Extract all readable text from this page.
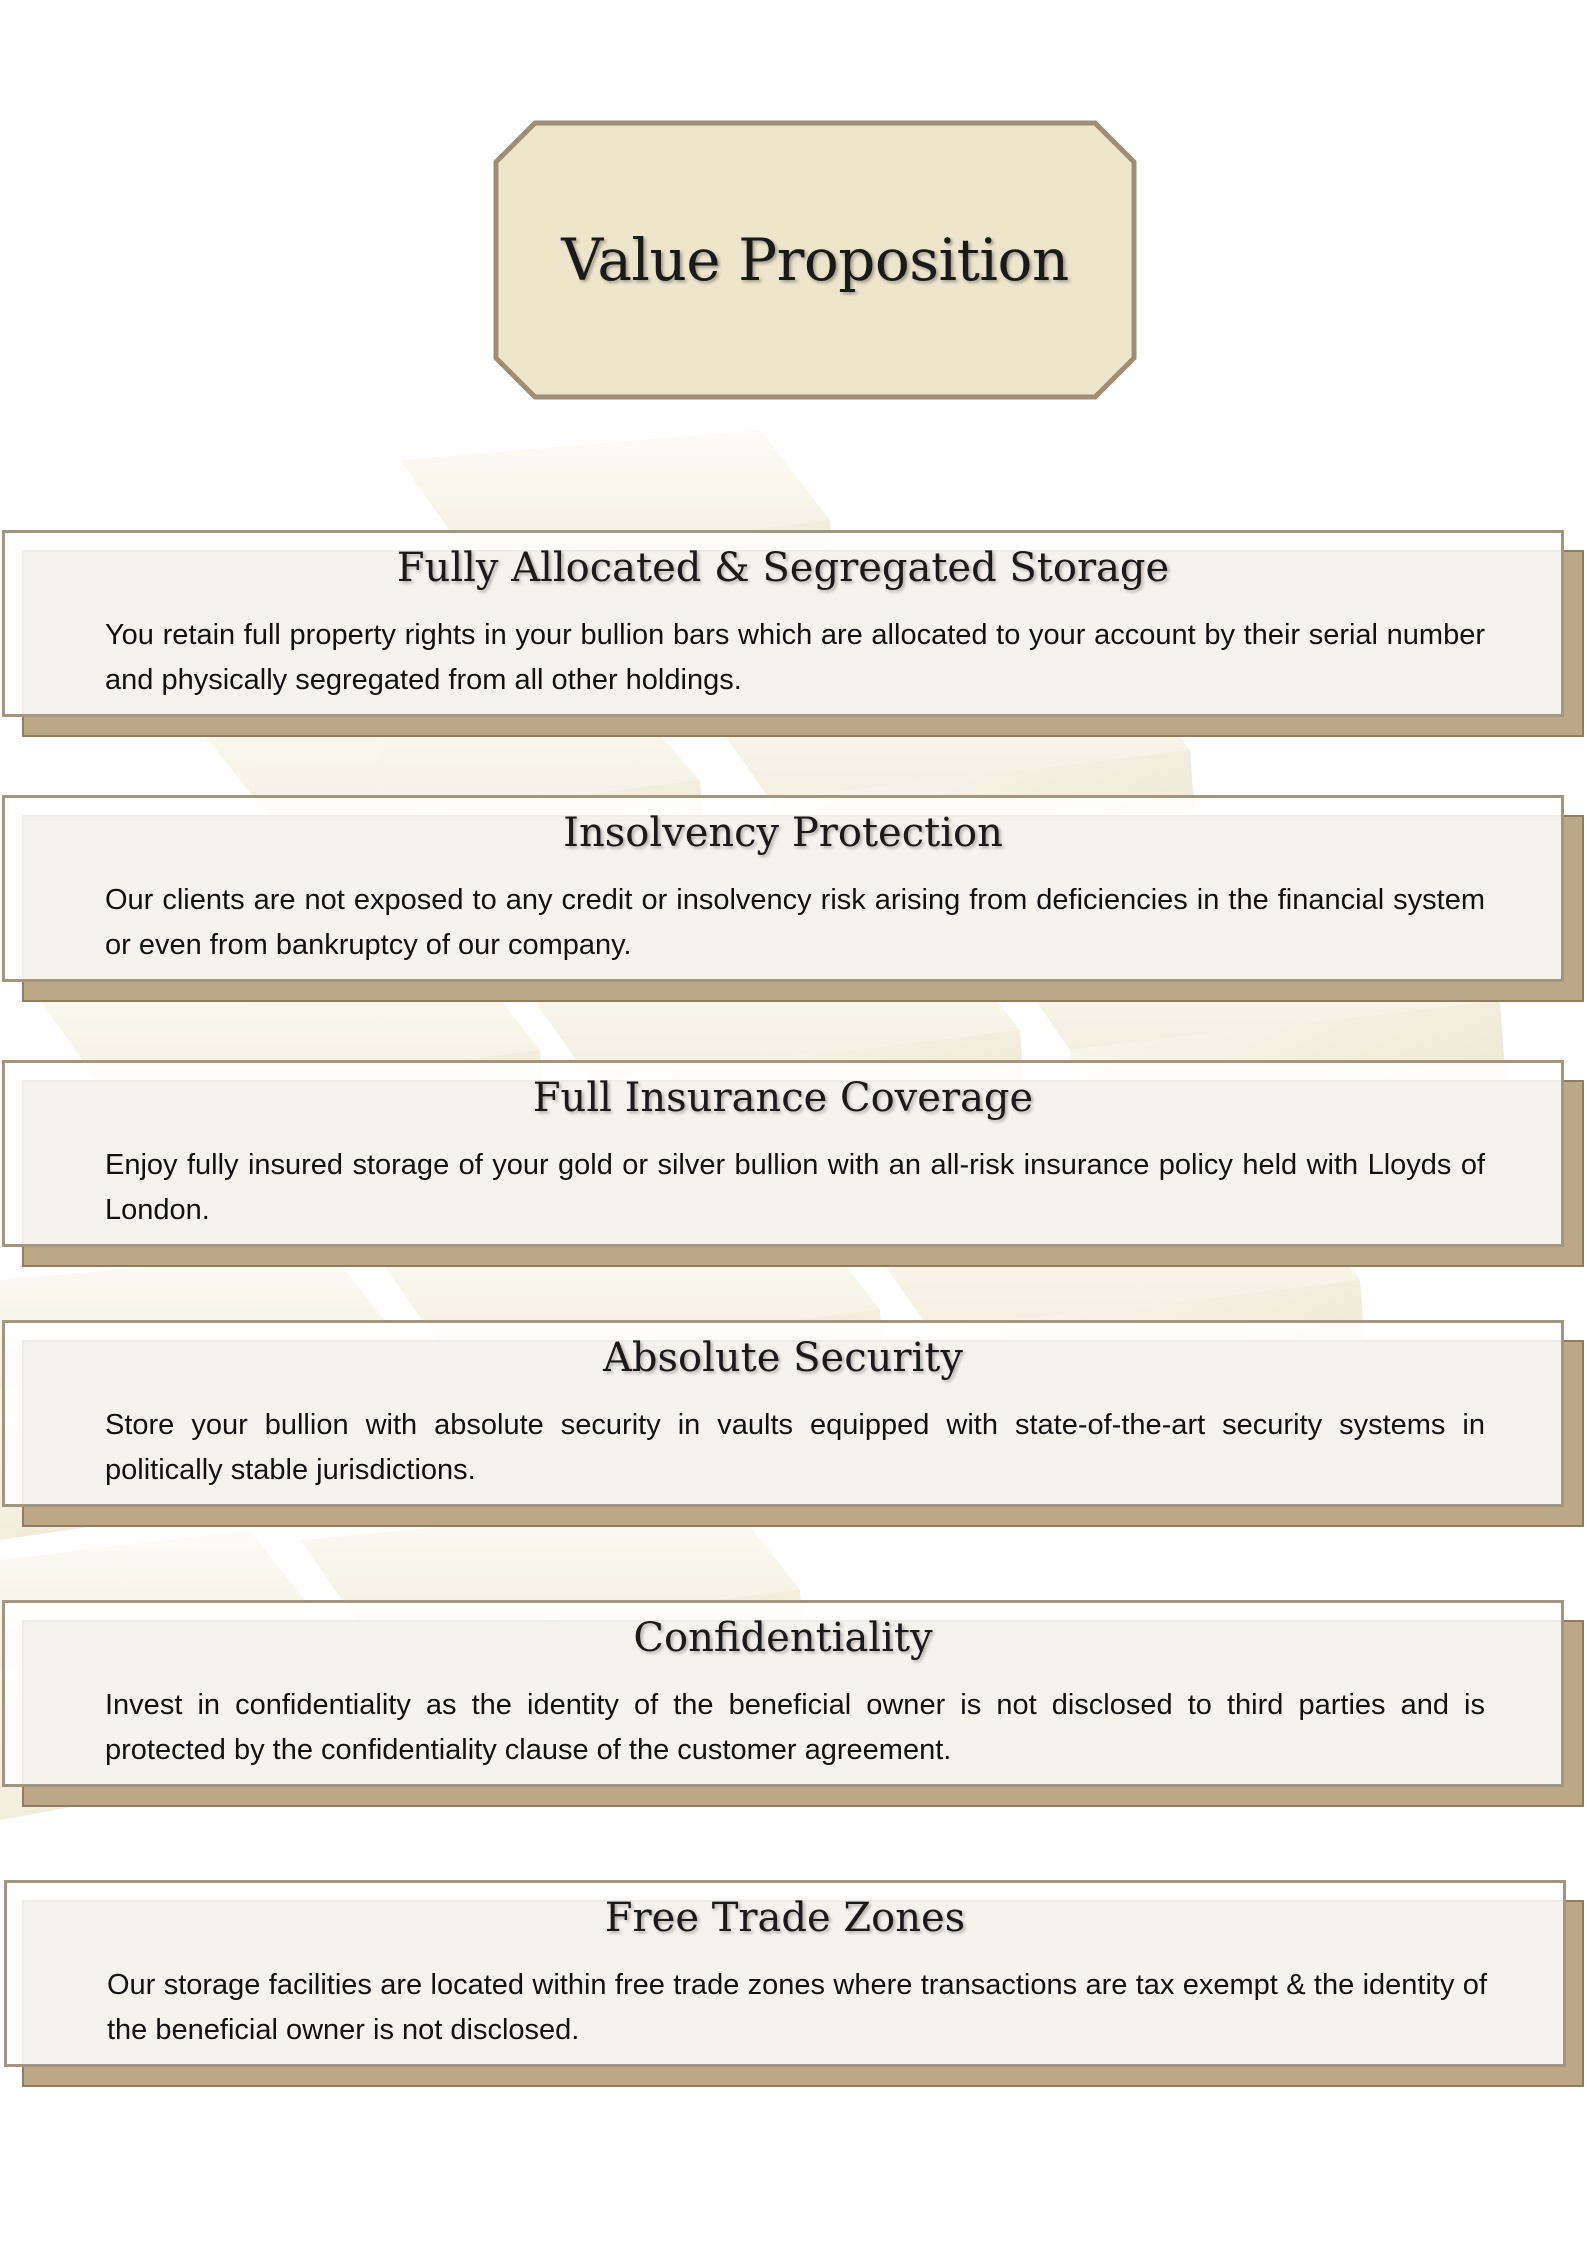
Value Proposition
Fully Allocated & Segregated Storage
You retain full property rights in your bullion bars which are allocated to your account by their serial number and physically segregated from all other holdings.
Insolvency Protection
Our clients are not exposed to any credit or insolvency risk arising from deficiencies in the financial system or even from bankruptcy of our company.
Full Insurance Coverage
Enjoy fully insured storage of your gold or silver bullion with an all-risk insurance policy held with Lloyds of London.
Absolute Security
Store your bullion with absolute security in vaults equipped with state-of-the-art security systems in politically stable jurisdictions.
Confidentiality
Invest in confidentiality as the identity of the beneficial owner is not disclosed to third parties and is protected by the confidentiality clause of the customer agreement.
Free Trade Zones
Our storage facilities are located within free trade zones where transactions are tax exempt & the identity of the beneficial owner is not disclosed.
